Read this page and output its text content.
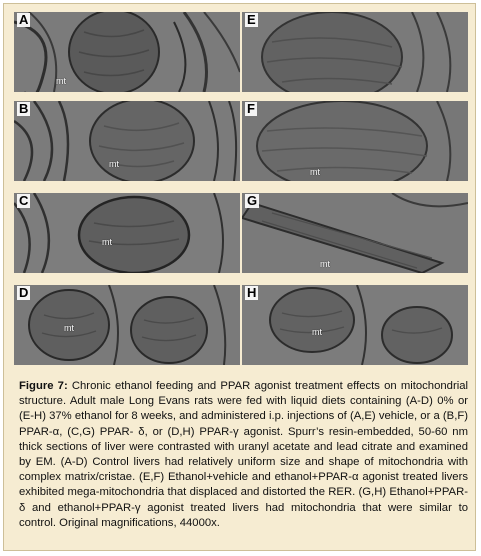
A
mt
E
B
mt
F
mt
C
mt
G
mt
D
mt
H
mt
Figure 7: Chronic ethanol feeding and PPAR agonist treatment effects on mitochondrial structure. Adult male Long Evans rats were fed with liquid diets containing (A-D) 0% or (E-H) 37% ethanol for 8 weeks, and administered i.p. injections of (A,E) vehicle, or a (B,F) PPAR-α, (C,G) PPAR- δ, or (D,H) PPAR-γ agonist. Spurr’s resin-embedded, 50-60 nm thick sections of liver were contrasted with uranyl acetate and lead citrate and examined by EM. (A-D) Control livers had relatively uniform size and shape of mitochondria with complex matrix/cristae. (E,F) Ethanol+vehicle and ethanol+PPAR-α agonist treated livers exhibited mega-mitochondria that displaced and distorted the RER. (G,H) Ethanol+PPAR-δ and ethanol+PPAR-γ agonist treated livers had mitochondria that were similar to control. Original magnifications, 44000x.
